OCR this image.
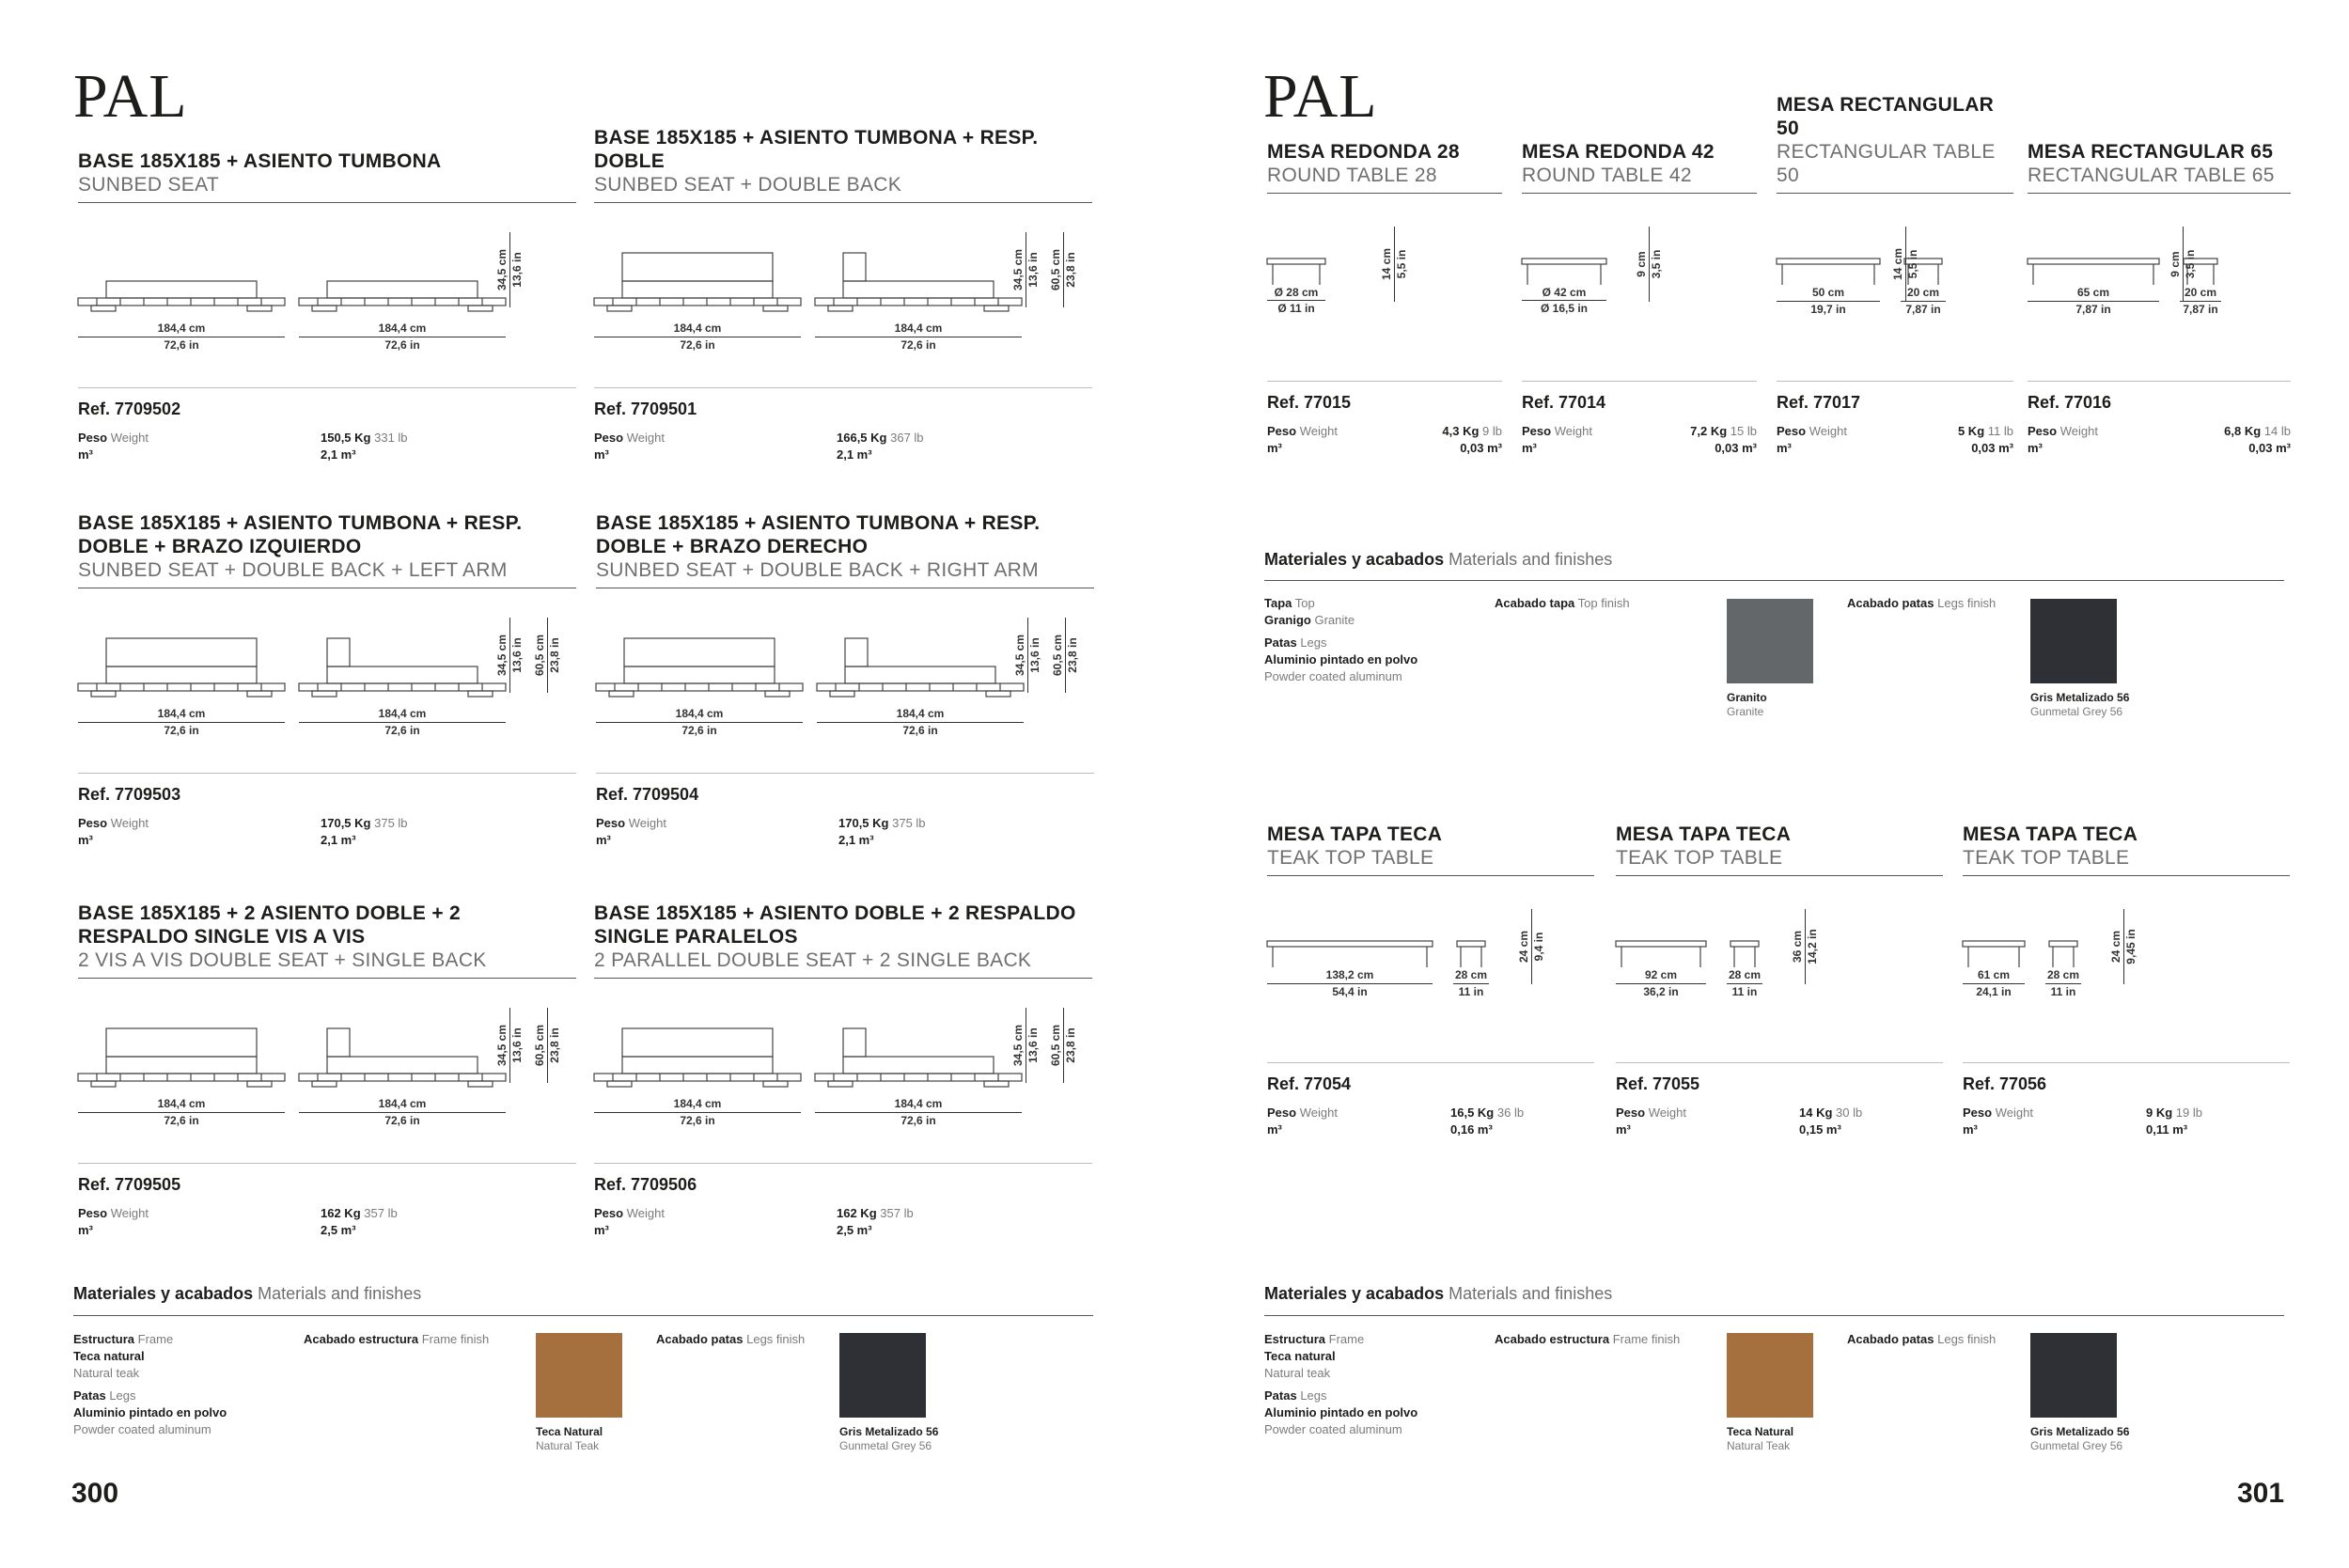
PAL
BASE 185X185 + ASIENTO TUMBONA
SUNBED SEAT
184,4 cm
72,6 in
184,4 cm
72,6 in
34,5 cm 13,6 in
Ref. 7709502
Peso Weight
m³
150,5 Kg 331 lb
2,1 m³
BASE 185X185 + ASIENTO TUMBONA + RESP. DOBLE
SUNBED SEAT + DOUBLE BACK
184,4 cm
72,6 in
184,4 cm
72,6 in
34,5 cm 13,6 in 60,5 cm 23,8 in
Ref. 7709501
Peso Weight
m³
166,5 Kg 367 lb
2,1 m³
BASE 185X185 + ASIENTO TUMBONA + RESP. DOBLE + BRAZO IZQUIERDO
SUNBED SEAT + DOUBLE BACK + LEFT ARM
184,4 cm
72,6 in
184,4 cm
72,6 in
34,5 cm 13,6 in 60,5 cm 23,8 in
Ref. 7709503
Peso Weight
m³
170,5 Kg 375 lb
2,1 m³
BASE 185X185 + ASIENTO TUMBONA + RESP. DOBLE + BRAZO DERECHO
SUNBED SEAT + DOUBLE BACK + RIGHT ARM
184,4 cm
72,6 in
184,4 cm
72,6 in
34,5 cm 13,6 in 60,5 cm 23,8 in
Ref. 7709504
Peso Weight
m³
170,5 Kg 375 lb
2,1 m³
BASE 185X185 + 2 ASIENTO DOBLE + 2 RESPALDO SINGLE VIS A VIS
2 VIS A VIS DOUBLE SEAT + SINGLE BACK
184,4 cm
72,6 in
184,4 cm
72,6 in
34,5 cm 13,6 in 60,5 cm 23,8 in
Ref. 7709505
Peso Weight
m³
162 Kg 357 lb
2,5 m³
BASE 185X185 + ASIENTO DOBLE + 2 RESPALDO SINGLE PARALELOS
2 PARALLEL DOUBLE SEAT + 2 SINGLE BACK
184,4 cm
72,6 in
184,4 cm
72,6 in
34,5 cm 13,6 in 60,5 cm 23,8 in
Ref. 7709506
Peso Weight
m³
162 Kg 357 lb
2,5 m³
Materiales y acabados Materials and finishes
Estructura Frame
Teca natural
Natural teak
Patas Legs
Aluminio pintado en polvo
Powder coated aluminum
Acabado estructura Frame finish
Teca Natural
Natural Teak
Acabado patas Legs finish
Gris Metalizado 56
Gunmetal Grey 56
300
PAL
MESA REDONDA 28
ROUND TABLE 28
Ø 28 cm
Ø 11 in
14 cm 5,5 in
Ref. 77015
Peso Weight
m³
4,3 Kg 9 lb
0,03 m³
MESA REDONDA 42
ROUND TABLE 42
Ø 42 cm
Ø 16,5 in
9 cm 3,5 in
Ref. 77014
Peso Weight
m³
7,2 Kg 15 lb
0,03 m³
MESA RECTANGULAR 50
RECTANGULAR TABLE 50
50 cm
19,7 in
20 cm
7,87 in
14 cm 5,5 in
Ref. 77017
Peso Weight
m³
5 Kg 11 lb
0,03 m³
MESA RECTANGULAR 65
RECTANGULAR TABLE 65
65 cm
7,87 in
20 cm
7,87 in
9 cm 3,5 in
Ref. 77016
Peso Weight
m³
6,8 Kg 14 lb
0,03 m³
Materiales y acabados Materials and finishes
Tapa Top
Granigo Granite
Patas Legs
Aluminio pintado en polvo
Powder coated aluminum
Acabado tapa Top finish
Granito
Granite
Acabado patas Legs finish
Gris Metalizado 56
Gunmetal Grey 56
MESA TAPA TECA
TEAK TOP TABLE
138,2 cm
54,4 in
28 cm
11 in
24 cm 9,4 in
Ref. 77054
Peso Weight
m³
16,5 Kg 36 lb
0,16 m³
MESA TAPA TECA
TEAK TOP TABLE
92 cm
36,2 in
28 cm
11 in
36 cm 14,2 in
Ref. 77055
Peso Weight
m³
14 Kg 30 lb
0,15 m³
MESA TAPA TECA
TEAK TOP TABLE
61 cm
24,1 in
28 cm
11 in
24 cm 9,45 in
Ref. 77056
Peso Weight
m³
9 Kg 19 lb
0,11 m³
Materiales y acabados Materials and finishes
Estructura Frame
Teca natural
Natural teak
Patas Legs
Aluminio pintado en polvo
Powder coated aluminum
Acabado estructura Frame finish
Teca Natural
Natural Teak
Acabado patas Legs finish
Gris Metalizado 56
Gunmetal Grey 56
301
